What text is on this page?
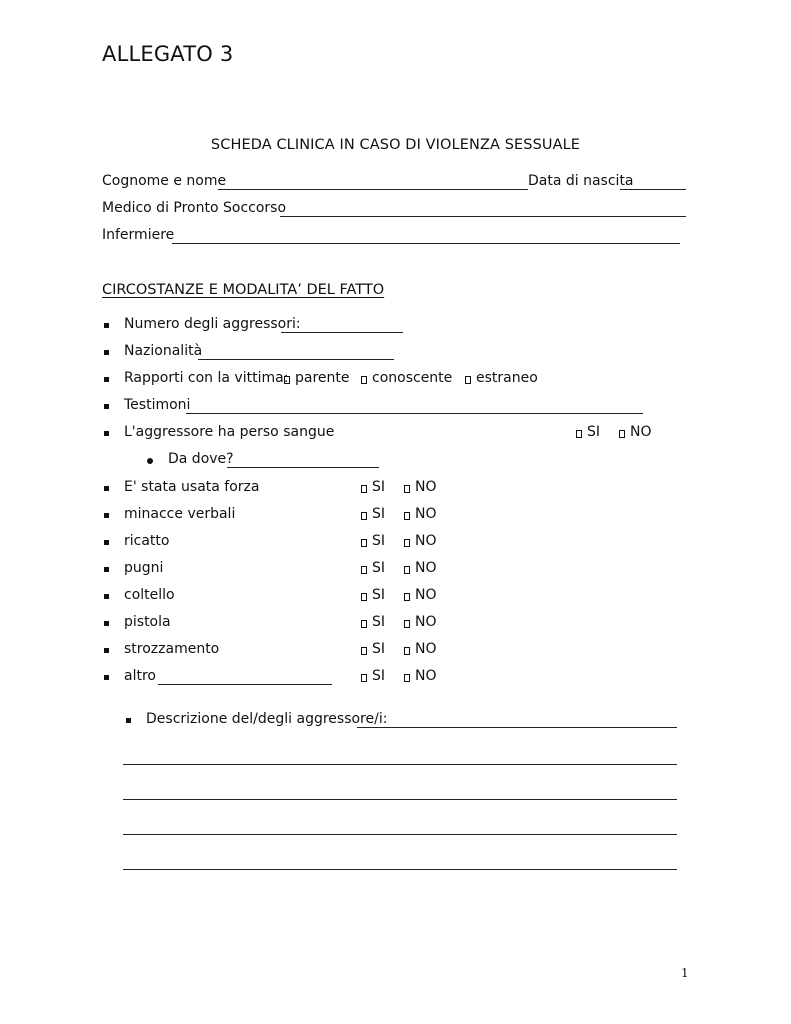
ALLEGATO 3
SCHEDA CLINICA IN CASO DI VIOLENZA SESSUALE
Cognome e nome	Data di nascita
Medico di Pronto Soccorso
Infermiere
CIRCOSTANZE E MODALITA’ DEL FATTO
Numero degli aggressori:
Nazionalità
Rapporti con la vittima: parente conoscente estraneo
Testimoni
L'aggressore ha perso sangue	SI NO
Da dove?
E' stata usata forza	SI NO
minacce verbali	SI NO
ricatto	SI NO
pugni	SI NO
coltello	SI NO
pistola	SI NO
strozzamento	SI NO
altro	SI NO
Descrizione del/degli aggressore/i:
1
